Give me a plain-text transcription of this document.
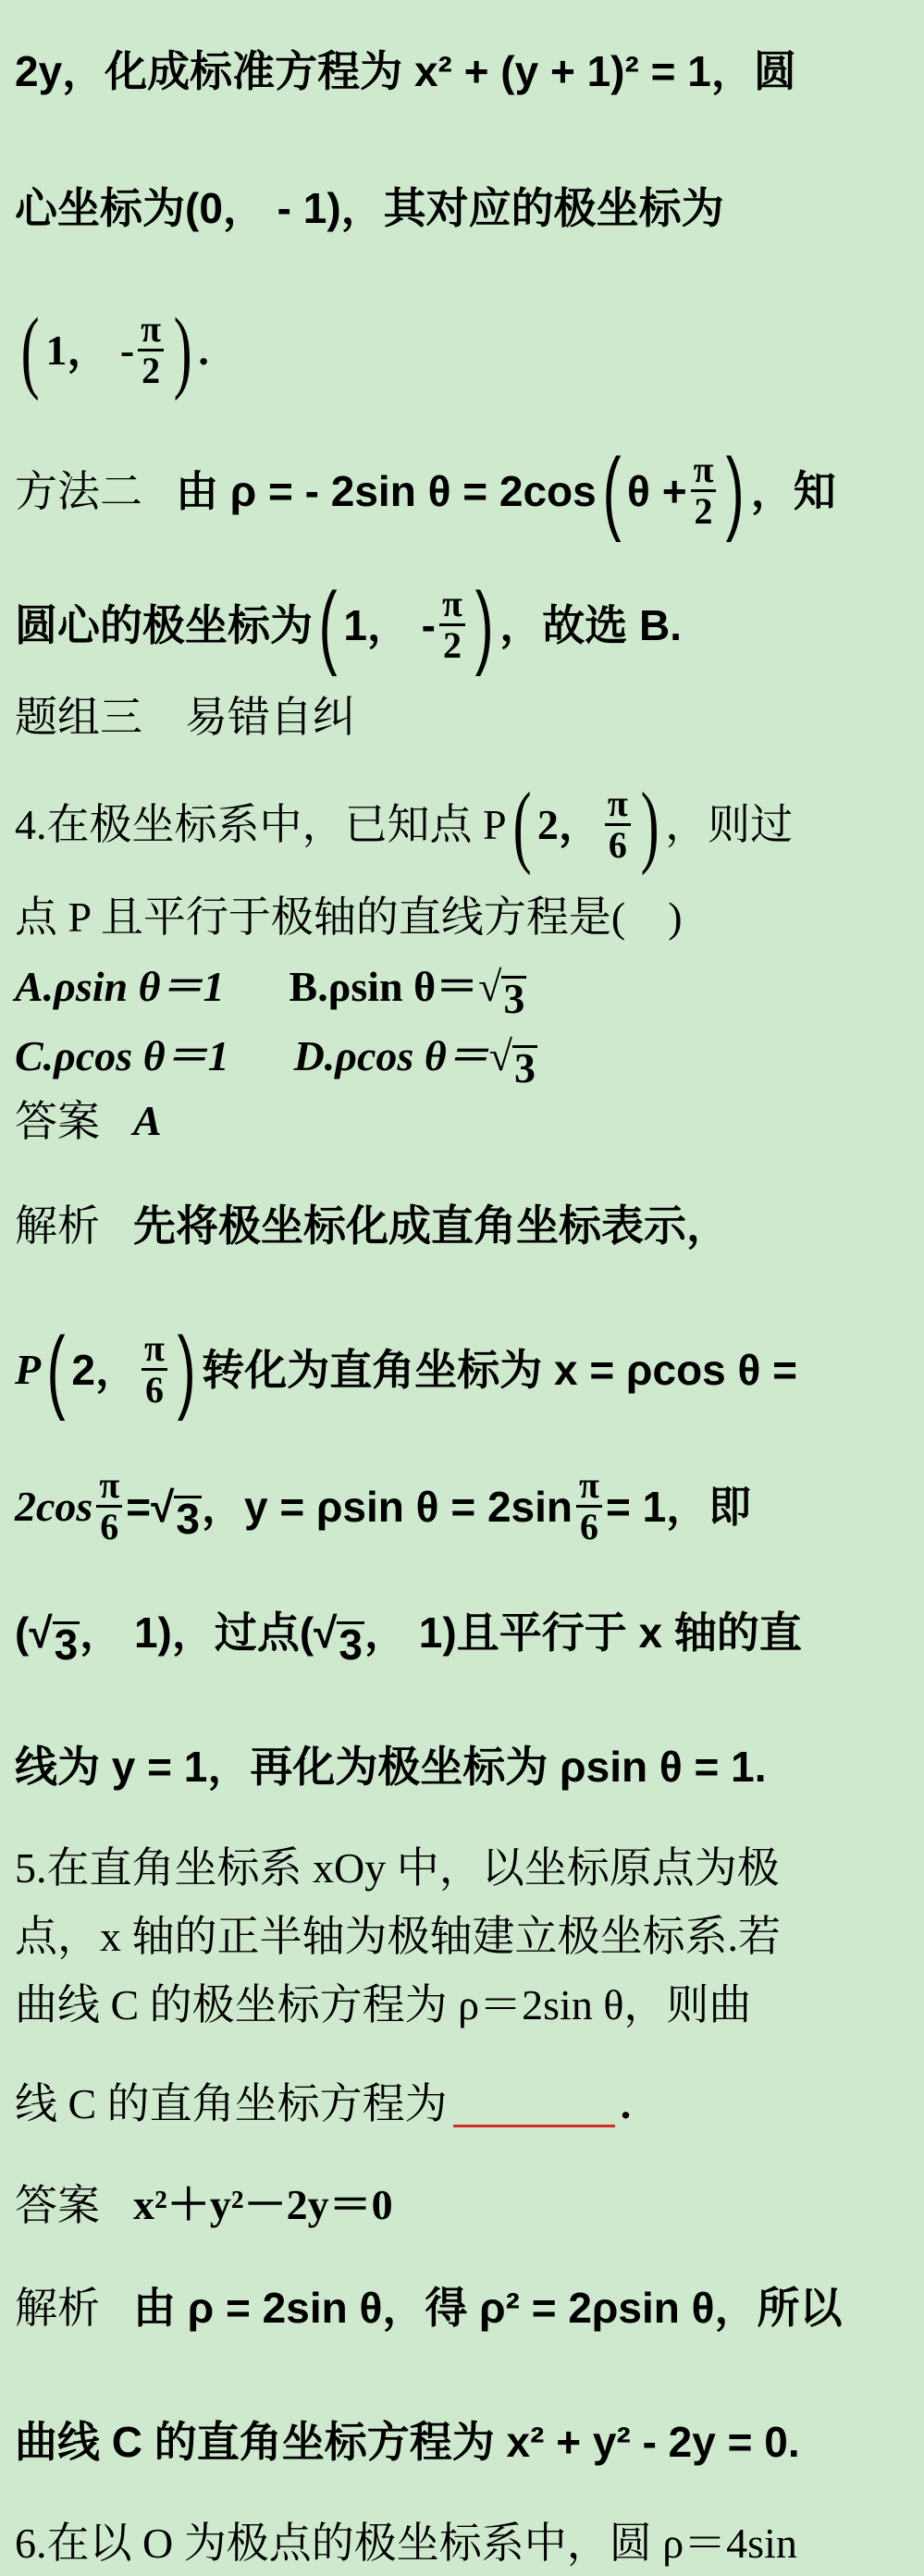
2y，化成标准方程为 x² + (y + 1)² = 1，圆
心坐标为(0， - 1)，其对应的极坐标为
( 1， - $\frac{\pi}{2}$ ) .
方法二 由 ρ = - 2sin θ = 2cos ( $\theta + \frac{\pi}{2}$ ) ，知
圆心的极坐标为 ( 1， - $\frac{\pi}{2}$ ) ，故选 B.
题组三　易错自纠
4.在极坐标系中，已知点 P ( 2， $\frac{\pi}{6}$ ) ，则过
点 P 且平行于极轴的直线方程是(　)
A.ρsin θ＝1 B.ρsin θ＝ √ 3
C.ρcos θ＝1 D.ρcos θ＝ √ 3
答案 A
解析 先将极坐标化成直角坐标表示，
P ( 2， $\frac{\pi}{6}$ ) 转化为直角坐标为 x = ρcos θ =
$2\cos \frac{\pi}{6}$ = √ 3 ，y = ρsin $\theta = 2\sin \frac{\pi}{6} = 1$，即
( √ 3 ， 1)，过点( √ 3 ， 1)且平行于 x 轴的直
线为 y = 1，再化为极坐标为 ρsin θ = 1.
5.在直角坐标系 xOy 中，以坐标原点为极
点，x 轴的正半轴为极轴建立极坐标系.若
曲线 C 的极坐标方程为 ρ＝2sin θ，则曲
线 C 的直角坐标方程为	.
答案 x²＋y²－2y＝0
解析 由 ρ = 2sin θ，得 ρ² = 2ρsin θ，所以
曲线 C 的直角坐标方程为 x² + y² - 2y = 0.
6.在以 O 为极点的极坐标系中，圆 ρ＝4sin
